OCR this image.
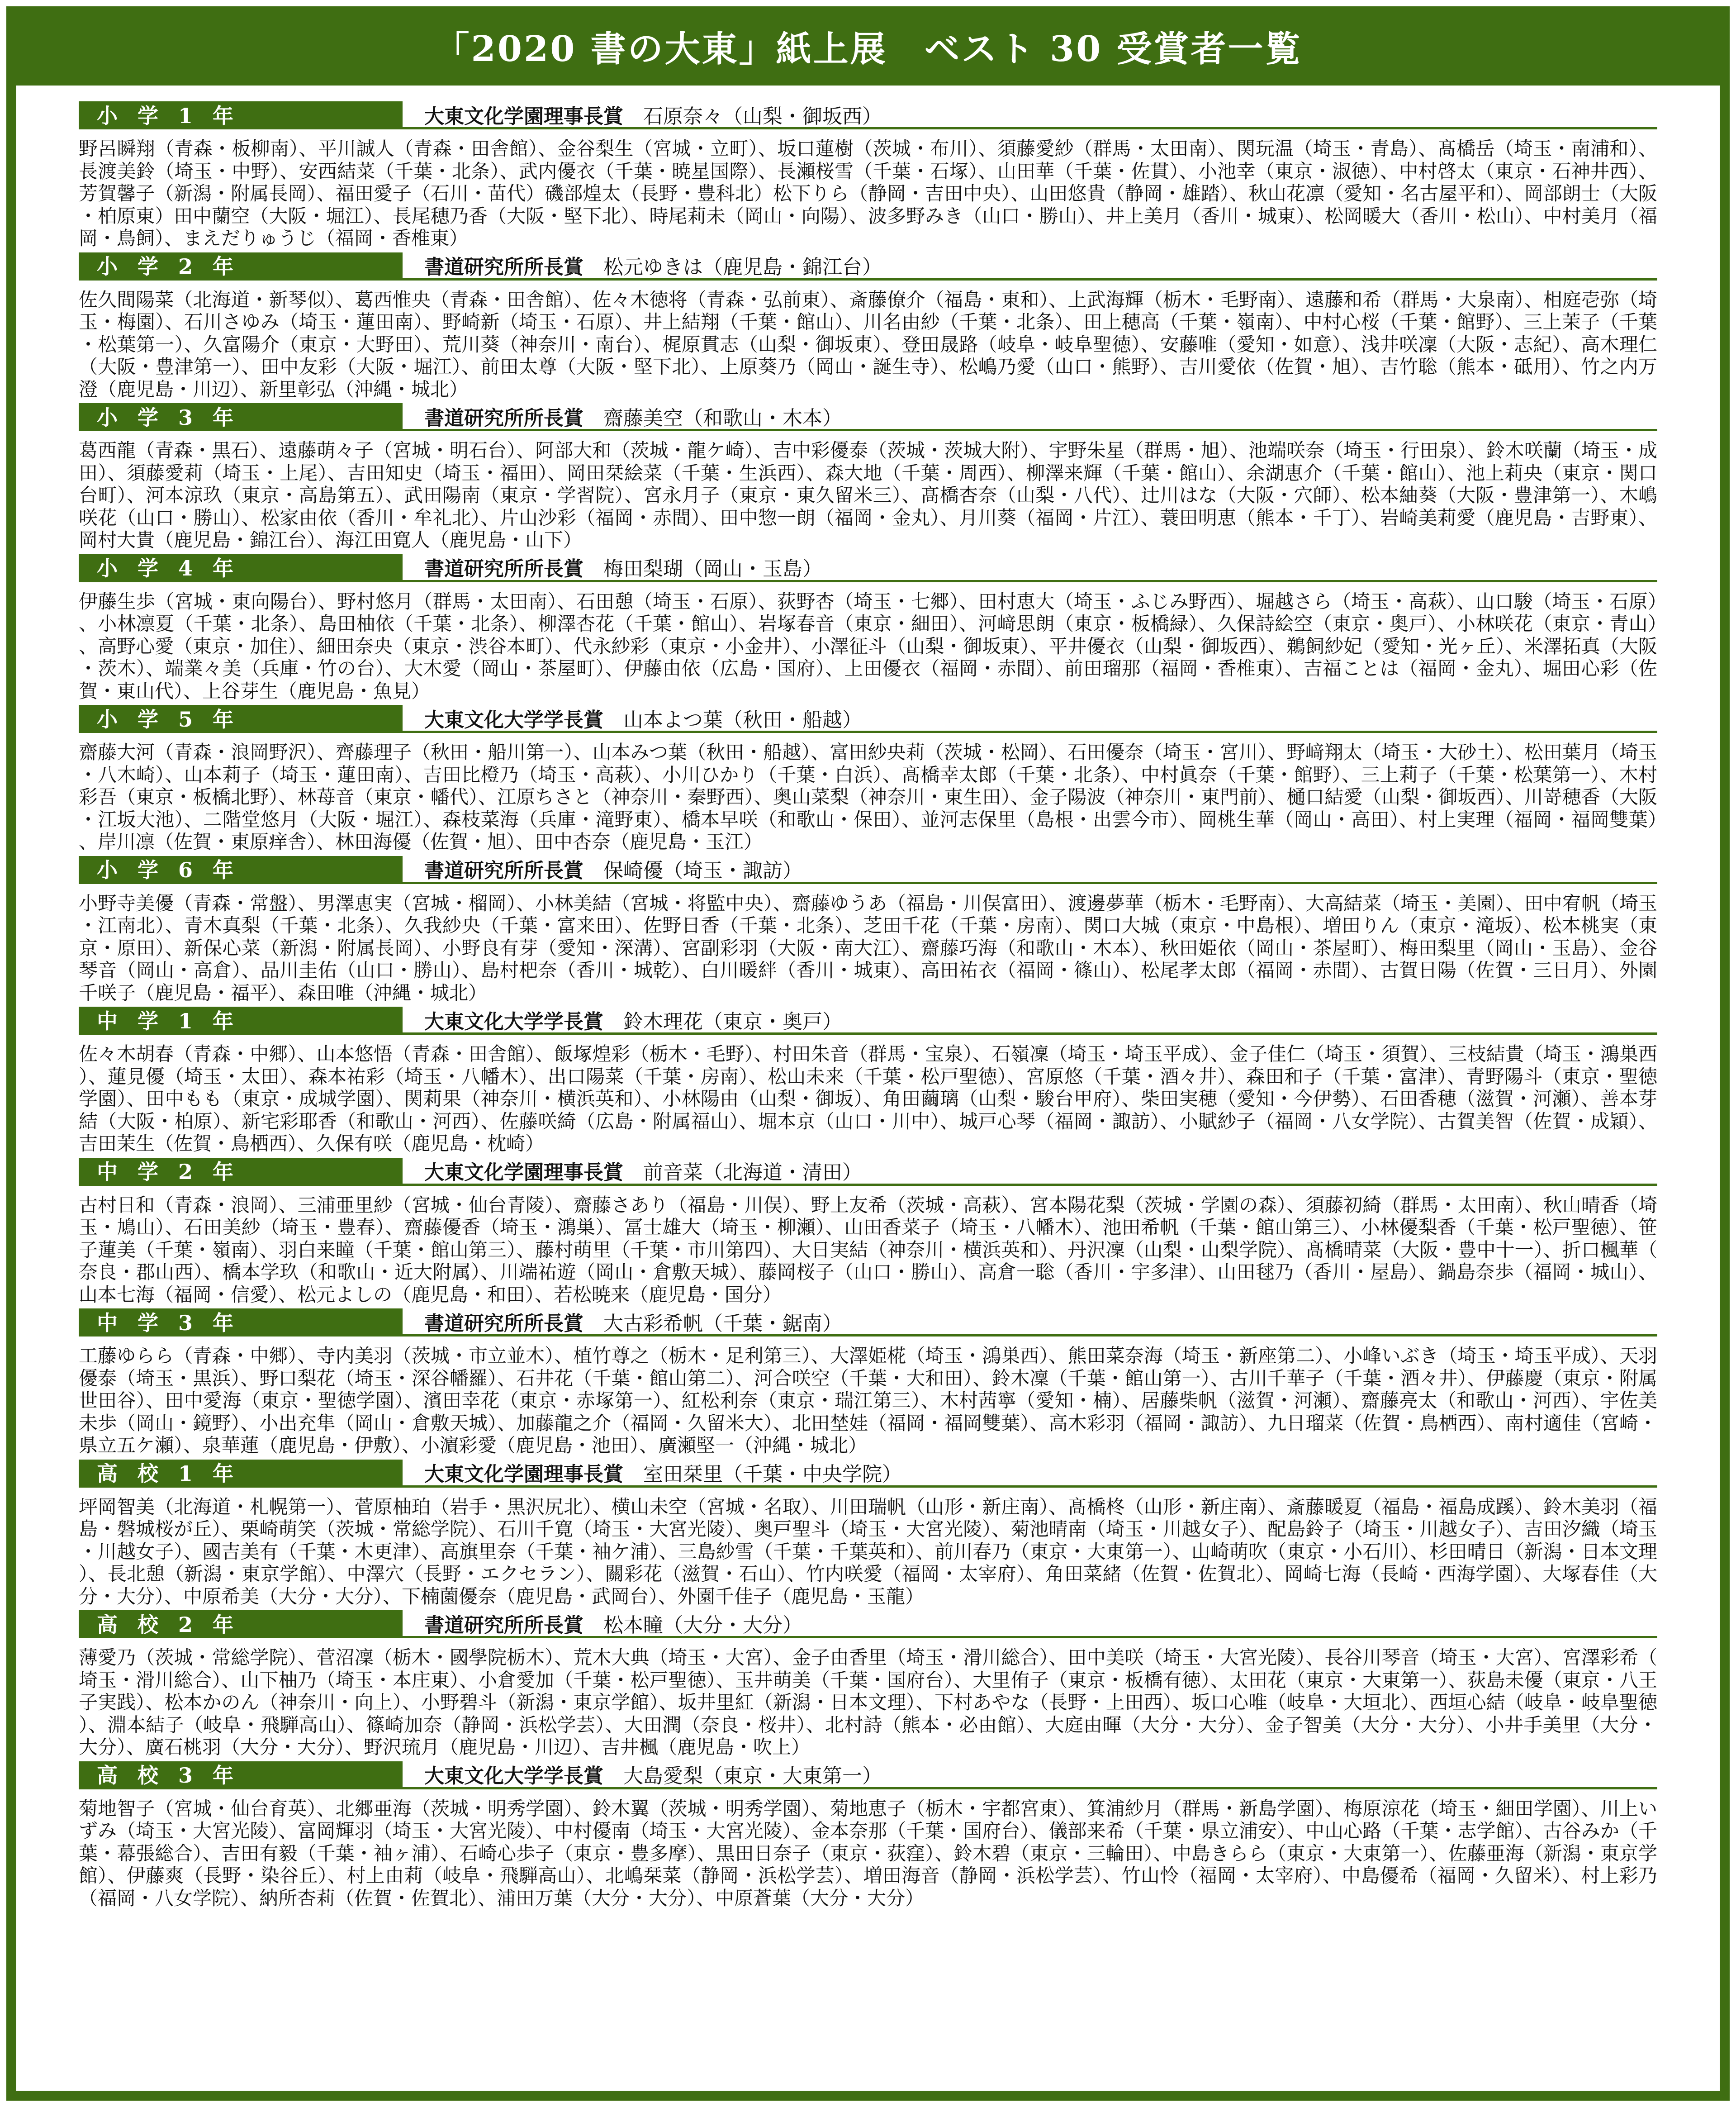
「2020 書の大東」紙上展　ベスト 30 受賞者一覧
小 学 1 年	大東文化学園理事長賞 石原奈々（山梨・御坂西）
野呂瞬翔（青森・板柳南）、平川誠人（青森・田舎館）、金谷梨生（宮城・立町）、坂口蓮樹（茨城・布川）、須藤愛紗（群馬・太田南）、関玩温（埼玉・青島）、髙橋岳（埼玉・南浦和）、長渡美鈴（埼玉・中野）、安西結菜（千葉・北条）、武内優衣（千葉・暁星国際）、長瀬桜雪（千葉・石塚）、山田華（千葉・佐貫）、小池幸（東京・淑徳）、中村啓太（東京・石神井西）、芳賀馨子（新潟・附属長岡）、福田愛子（石川・苗代）磯部煌太（長野・豊科北）松下りら（静岡・吉田中央）、山田悠貴（静岡・雄踏）、秋山花凛（愛知・名古屋平和）、岡部朗士（大阪・柏原東）田中蘭空（大阪・堀江）、長尾穂乃香（大阪・堅下北）、時尾莉未（岡山・向陽）、波多野みき（山口・勝山）、井上美月（香川・城東）、松岡暖大（香川・松山）、中村美月（福岡・鳥飼）、まえだりゅうじ（福岡・香椎東）
小 学 2 年	書道研究所所長賞 松元ゆきは（鹿児島・錦江台）
佐久間陽菜（北海道・新琴似）、葛西惟央（青森・田舎館）、佐々木徳将（青森・弘前東）、斎藤僚介（福島・東和）、上武海輝（栃木・毛野南）、遠藤和希（群馬・大泉南）、相庭壱弥（埼玉・梅園）、石川さゆみ（埼玉・蓮田南）、野崎新（埼玉・石原）、井上結翔（千葉・館山）、川名由紗（千葉・北条）、田上穂高（千葉・嶺南）、中村心桜（千葉・館野）、三上茉子（千葉・松葉第一）、久富陽介（東京・大野田）、荒川葵（神奈川・南台）、梶原貫志（山梨・御坂東）、登田晟路（岐阜・岐阜聖徳）、安藤唯（愛知・如意）、浅井咲凜（大阪・志紀）、高木理仁（大阪・豊津第一）、田中友彩（大阪・堀江）、前田太尊（大阪・堅下北）、上原葵乃（岡山・誕生寺）、松嶋乃愛（山口・熊野）、吉川愛依（佐賀・旭）、吉竹聡（熊本・砥用）、竹之内万澄（鹿児島・川辺）、新里彰弘（沖縄・城北）
小 学 3 年	書道研究所所長賞 齋藤美空（和歌山・木本）
葛西龍（青森・黒石）、遠藤萌々子（宮城・明石台）、阿部大和（茨城・龍ケ崎）、吉中彩優泰（茨城・茨城大附）、宇野朱星（群馬・旭）、池端咲奈（埼玉・行田泉）、鈴木咲蘭（埼玉・成田）、須藤愛莉（埼玉・上尾）、吉田知史（埼玉・福田）、岡田栞絵菜（千葉・生浜西）、森大地（千葉・周西）、柳澤来輝（千葉・館山）、余湖恵介（千葉・館山）、池上莉央（東京・関口台町）、河本涼玖（東京・高島第五）、武田陽南（東京・学習院）、宮永月子（東京・東久留米三）、髙橋杏奈（山梨・八代）、辻川はな（大阪・穴師）、松本紬葵（大阪・豊津第一）、木嶋咲花（山口・勝山）、松家由依（香川・牟礼北）、片山沙彩（福岡・赤間）、田中惣一朗（福岡・金丸）、月川葵（福岡・片江）、蓑田明恵（熊本・千丁）、岩崎美莉愛（鹿児島・吉野東）、岡村大貴（鹿児島・錦江台）、海江田寛人（鹿児島・山下）
小 学 4 年	書道研究所所長賞 梅田梨瑚（岡山・玉島）
伊藤生歩（宮城・東向陽台）、野村悠月（群馬・太田南）、石田憩（埼玉・石原）、荻野杏（埼玉・七郷）、田村恵大（埼玉・ふじみ野西）、堀越さら（埼玉・高萩）、山口駿（埼玉・石原）、小林凛夏（千葉・北条）、島田柚依（千葉・北条）、柳澤杏花（千葉・館山）、岩塚春音（東京・細田）、河﨑思朗（東京・板橋緑）、久保詩絵空（東京・奥戸）、小林咲花（東京・青山）、高野心愛（東京・加住）、細田奈央（東京・渋谷本町）、代永紗彩（東京・小金井）、小澤征斗（山梨・御坂東）、平井優衣（山梨・御坂西）、鵜飼紗妃（愛知・光ヶ丘）、米澤拓真（大阪・茨木）、端業々美（兵庫・竹の台）、大木愛（岡山・茶屋町）、伊藤由依（広島・国府）、上田優衣（福岡・赤間）、前田瑠那（福岡・香椎東）、吉福ことは（福岡・金丸）、堀田心彩（佐賀・東山代）、上谷芽生（鹿児島・魚見）
小 学 5 年	大東文化大学学長賞 山本よつ葉（秋田・船越）
齋藤大河（青森・浪岡野沢）、齊藤理子（秋田・船川第一）、山本みつ葉（秋田・船越）、富田紗央莉（茨城・松岡）、石田優奈（埼玉・宮川）、野﨑翔太（埼玉・大砂土）、松田葉月（埼玉・八木崎）、山本莉子（埼玉・蓮田南）、吉田比橙乃（埼玉・高萩）、小川ひかり（千葉・白浜）、髙橋幸太郎（千葉・北条）、中村眞奈（千葉・館野）、三上莉子（千葉・松葉第一）、木村彩吾（東京・板橋北野）、林苺音（東京・幡代）、江原ちさと（神奈川・秦野西）、奥山菜梨（神奈川・東生田）、金子陽波（神奈川・東門前）、樋口結愛（山梨・御坂西）、川嵜穂香（大阪・江坂大池）、二階堂悠月（大阪・堀江）、森枝菜海（兵庫・滝野東）、橋本早咲（和歌山・保田）、並河志保里（島根・出雲今市）、岡桃生華（岡山・高田）、村上実理（福岡・福岡雙葉）、岸川凛（佐賀・東原痒舎）、林田海優（佐賀・旭）、田中杏奈（鹿児島・玉江）
小 学 6 年	書道研究所所長賞 保崎優（埼玉・諏訪）
小野寺美優（青森・常盤）、男澤恵実（宮城・榴岡）、小林美結（宮城・将監中央）、齋藤ゆうあ（福島・川俣富田）、渡邊夢華（栃木・毛野南）、大高結菜（埼玉・美園）、田中宥帆（埼玉・江南北）、青木真梨（千葉・北条）、久我紗央（千葉・富来田）、佐野日香（千葉・北条）、芝田千花（千葉・房南）、関口大城（東京・中島根）、増田りん（東京・滝坂）、松本桃実（東京・原田）、新保心菜（新潟・附属長岡）、小野良有芽（愛知・深溝）、宮副彩羽（大阪・南大江）、齋藤巧海（和歌山・木本）、秋田姫依（岡山・茶屋町）、梅田梨里（岡山・玉島）、金谷琴音（岡山・高倉）、品川圭佑（山口・勝山）、島村杷奈（香川・城乾）、白川暖絆（香川・城東）、高田祐衣（福岡・篠山）、松尾孝太郎（福岡・赤間）、古賀日陽（佐賀・三日月）、外園千咲子（鹿児島・福平）、森田唯（沖縄・城北）
中 学 1 年	大東文化大学学長賞 鈴木理花（東京・奥戸）
佐々木胡春（青森・中郷）、山本悠悟（青森・田舎館）、飯塚煌彩（栃木・毛野）、村田朱音（群馬・宝泉）、石嶺凜（埼玉・埼玉平成）、金子佳仁（埼玉・須賀）、三枝結貴（埼玉・鴻巣西）、蓮見優（埼玉・太田）、森本祐彩（埼玉・八幡木）、出口陽菜（千葉・房南）、松山未来（千葉・松戸聖徳）、宮原悠（千葉・酒々井）、森田和子（千葉・富津）、青野陽斗（東京・聖徳学園）、田中もも（東京・成城学園）、関莉果（神奈川・横浜英和）、小林陽由（山梨・御坂）、角田繭璃（山梨・駿台甲府）、柴田実穂（愛知・今伊勢）、石田香穂（滋賀・河瀬）、善本芽結（大阪・柏原）、新宅彩耶香（和歌山・河西）、佐藤咲綺（広島・附属福山）、堀本京（山口・川中）、城戸心琴（福岡・諏訪）、小賦紗子（福岡・八女学院）、古賀美智（佐賀・成穎）、吉田茉生（佐賀・鳥栖西）、久保有咲（鹿児島・枕崎）
中 学 2 年	大東文化学園理事長賞 前音菜（北海道・清田）
古村日和（青森・浪岡）、三浦亜里紗（宮城・仙台青陵）、齋藤さあり（福島・川俣）、野上友希（茨城・高萩）、宮本陽花梨（茨城・学園の森）、須藤初綺（群馬・太田南）、秋山晴香（埼玉・鳩山）、石田美紗（埼玉・豊春）、齋藤優香（埼玉・鴻巣）、冨士雄大（埼玉・柳瀬）、山田香菜子（埼玉・八幡木）、池田希帆（千葉・館山第三）、小林優梨香（千葉・松戸聖徳）、笹子蓮美（千葉・嶺南）、羽白来瞳（千葉・館山第三）、藤村萌里（千葉・市川第四）、大日実結（神奈川・横浜英和）、丹沢凜（山梨・山梨学院）、髙橋晴菜（大阪・豊中十一）、折口楓華（奈良・郡山西）、橋本学玖（和歌山・近大附属）、川端祐遊（岡山・倉敷天城）、藤岡桜子（山口・勝山）、高倉一聡（香川・宇多津）、山田毬乃（香川・屋島）、鍋島奈歩（福岡・城山）、山本七海（福岡・信愛）、松元よしの（鹿児島・和田）、若松暁来（鹿児島・国分）
中 学 3 年	書道研究所所長賞 大古彩希帆（千葉・鋸南）
工藤ゆらら（青森・中郷）、寺内美羽（茨城・市立並木）、植竹尊之（栃木・足利第三）、大澤姫椛（埼玉・鴻巣西）、熊田菜奈海（埼玉・新座第二）、小峰いぶき（埼玉・埼玉平成）、天羽優泰（埼玉・黒浜）、野口梨花（埼玉・深谷幡羅）、石井花（千葉・館山第二）、河合咲空（千葉・大和田）、鈴木凜（千葉・館山第一）、古川千華子（千葉・酒々井）、伊藤慶（東京・附属世田谷）、田中愛海（東京・聖徳学園）、濱田幸花（東京・赤塚第一）、紅松利奈（東京・瑞江第三）、木村茜寧（愛知・楠）、居藤柴帆（滋賀・河瀬）、齋藤亮太（和歌山・河西）、宇佐美未歩（岡山・鏡野）、小出充隼（岡山・倉敷天城）、加藤龍之介（福岡・久留米大）、北田埜娃（福岡・福岡雙葉）、高木彩羽（福岡・諏訪）、九日瑠菜（佐賀・鳥栖西）、南村適佳（宮崎・県立五ケ瀬）、泉華蓮（鹿児島・伊敷）、小濵彩愛（鹿児島・池田）、廣瀬堅一（沖縄・城北）
高 校 1 年	大東文化学園理事長賞 室田栞里（千葉・中央学院）
坪岡智美（北海道・札幌第一）、菅原柚珀（岩手・黒沢尻北）、横山未空（宮城・名取）、川田瑞帆（山形・新庄南）、髙橋柊（山形・新庄南）、斎藤暖夏（福島・福島成蹊）、鈴木美羽（福島・磐城桜が丘）、栗崎萌笑（茨城・常総学院）、石川千寛（埼玉・大宮光陵）、奥戸聖斗（埼玉・大宮光陵）、菊池晴南（埼玉・川越女子）、配島鈴子（埼玉・川越女子）、吉田汐織（埼玉・川越女子）、國吉美有（千葉・木更津）、高旗里奈（千葉・袖ケ浦）、三島紗雪（千葉・千葉英和）、前川春乃（東京・大東第一）、山崎萌吹（東京・小石川）、杉田晴日（新潟・日本文理）、長北憩（新潟・東京学館）、中澤穴（長野・エクセラン）、關彩花（滋賀・石山）、竹内咲愛（福岡・太宰府）、角田菜緒（佐賀・佐賀北）、岡崎七海（長崎・西海学園）、大塚春佳（大分・大分）、中原希美（大分・大分）、下楠薗優奈（鹿児島・武岡台）、外園千佳子（鹿児島・玉龍）
高 校 2 年	書道研究所所長賞 松本瞳（大分・大分）
薄愛乃（茨城・常総学院）、菅沼凜（栃木・國學院栃木）、荒木大典（埼玉・大宮）、金子由香里（埼玉・滑川総合）、田中美咲（埼玉・大宮光陵）、長谷川琴音（埼玉・大宮）、宮澤彩希（埼玉・滑川総合）、山下柚乃（埼玉・本庄東）、小倉愛加（千葉・松戸聖徳）、玉井萌美（千葉・国府台）、大里侑子（東京・板橋有徳）、太田花（東京・大東第一）、荻島未優（東京・八王子実践）、松本かのん（神奈川・向上）、小野碧斗（新潟・東京学館）、坂井里紅（新潟・日本文理）、下村あやな（長野・上田西）、坂口心唯（岐阜・大垣北）、西垣心結（岐阜・岐阜聖徳）、淵本結子（岐阜・飛騨高山）、篠崎加奈（静岡・浜松学芸）、大田潤（奈良・桜井）、北村詩（熊本・必由館）、大庭由暉（大分・大分）、金子智美（大分・大分）、小井手美里（大分・大分）、廣石桃羽（大分・大分）、野沢琉月（鹿児島・川辺）、吉井楓（鹿児島・吹上）
高 校 3 年	大東文化大学学長賞 大島愛梨（東京・大東第一）
菊地智子（宮城・仙台育英）、北郷亜海（茨城・明秀学園）、鈴木翼（茨城・明秀学園）、菊地恵子（栃木・宇都宮東）、箕浦紗月（群馬・新島学園）、梅原涼花（埼玉・細田学園）、川上いずみ（埼玉・大宮光陵）、富岡輝羽（埼玉・大宮光陵）、中村優南（埼玉・大宮光陵）、金本奈那（千葉・国府台）、儀部来希（千葉・県立浦安）、中山心路（千葉・志学館）、古谷みか（千葉・幕張総合）、吉田有毅（千葉・袖ヶ浦）、石崎心歩子（東京・豊多摩）、黒田日奈子（東京・荻窪）、鈴木碧（東京・三輪田）、中島きらら（東京・大東第一）、佐藤亜海（新潟・東京学館）、伊藤爽（長野・染谷丘）、村上由莉（岐阜・飛騨高山）、北嶋栞菜（静岡・浜松学芸）、増田海音（静岡・浜松学芸）、竹山怜（福岡・太宰府）、中島優希（福岡・久留米）、村上彩乃（福岡・八女学院）、納所杏莉（佐賀・佐賀北）、浦田万葉（大分・大分）、中原蒼葉（大分・大分）
